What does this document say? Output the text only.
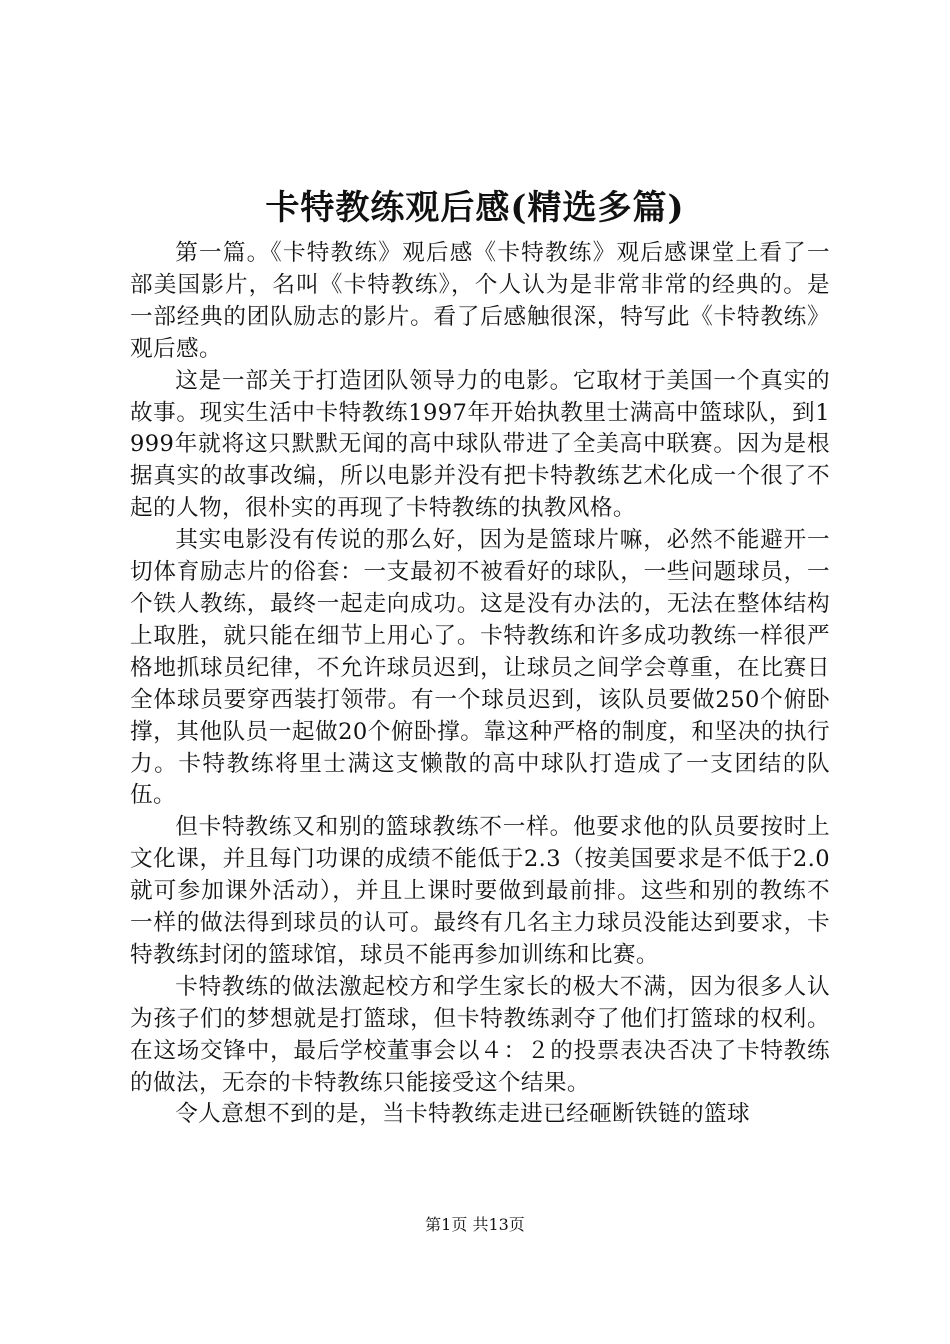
卡特教练观后感(精选多篇)

第一篇。《卡特教练》观后感《卡特教练》观后感课堂上看了一部美国影片，名叫《卡特教练》，个人认为是非常非常的经典的。是一部经典的团队励志的影片。看了后感触很深，特写此《卡特教练》观后感。

这是一部关于打造团队领导力的电影。它取材于美国一个真实的故事。现实生活中卡特教练1997年开始执教里士满高中篮球队，到1999年就将这只默默无闻的高中球队带进了全美高中联赛。因为是根据真实的故事改编，所以电影并没有把卡特教练艺术化成一个很了不起的人物，很朴实的再现了卡特教练的执教风格。

其实电影没有传说的那么好，因为是篮球片嘛，必然不能避开一切体育励志片的俗套：一支最初不被看好的球队，一些问题球员，一个铁人教练，最终一起走向成功。这是没有办法的，无法在整体结构上取胜，就只能在细节上用心了。卡特教练和许多成功教练一样很严格地抓球员纪律，不允许球员迟到，让球员之间学会尊重，在比赛日全体球员要穿西装打领带。有一个球员迟到，该队员要做250个俯卧撑，其他队员一起做20个俯卧撑。靠这种严格的制度，和坚决的执行力。卡特教练将里士满这支懒散的高中球队打造成了一支团结的队伍。

但卡特教练又和别的篮球教练不一样。他要求他的队员要按时上文化课，并且每门功课的成绩不能低于2.3（按美国要求是不低于2.0就可参加课外活动），并且上课时要做到最前排。这些和别的教练不一样的做法得到球员的认可。最终有几名主力球员没能达到要求，卡特教练封闭的篮球馆，球员不能再参加训练和比赛。

卡特教练的做法激起校方和学生家长的极大不满，因为很多人认为孩子们的梦想就是打篮球，但卡特教练剥夺了他们打篮球的权利。在这场交锋中，最后学校董事会以４：２的投票表决否决了卡特教练的做法，无奈的卡特教练只能接受这个结果。

令人意想不到的是，当卡特教练走进已经砸断铁链的篮球

第1页 共13页
